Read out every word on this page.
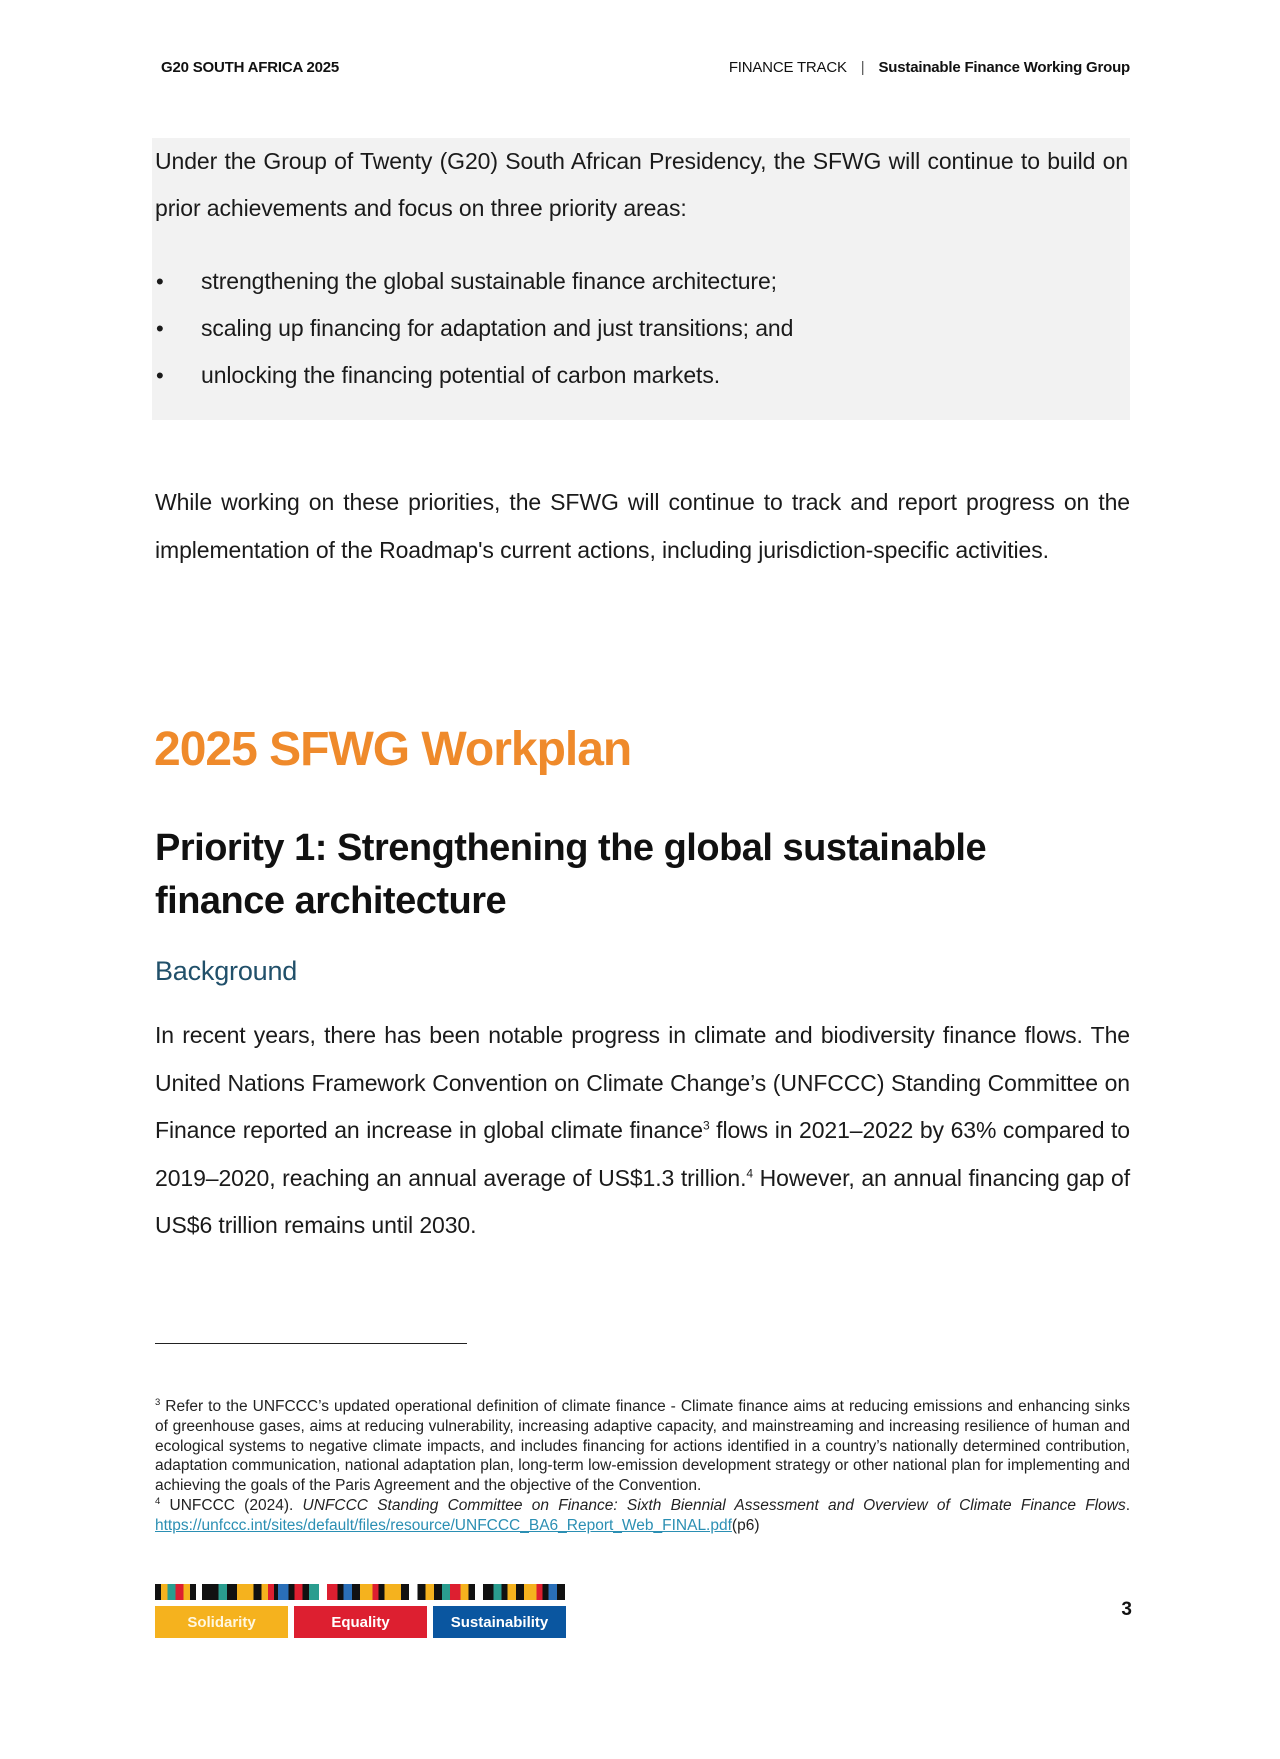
G20 SOUTH AFRICA 2025	FINANCE TRACK | Sustainable Finance Working Group
Under the Group of Twenty (G20) South African Presidency, the SFWG will continue to build on prior achievements and focus on three priority areas:
• strengthening the global sustainable finance architecture;
• scaling up financing for adaptation and just transitions; and
• unlocking the financing potential of carbon markets.
While working on these priorities, the SFWG will continue to track and report progress on the implementation of the Roadmap's current actions, including jurisdiction-specific activities.
2025 SFWG Workplan
Priority 1: Strengthening the global sustainable finance architecture
Background
In recent years, there has been notable progress in climate and biodiversity finance flows. The United Nations Framework Convention on Climate Change’s (UNFCCC) Standing Committee on Finance reported an increase in global climate finance$^3$ flows in 2021–2022 by 63% compared to 2019–2020, reaching an annual average of US$1.3 trillion.$^4$ However, an annual financing gap of US$6 trillion remains until 2030.

$^3$ Refer to the UNFCCC’s updated operational definition of climate finance - Climate finance aims at reducing emissions and enhancing sinks of greenhouse gases, aims at reducing vulnerability, increasing adaptive capacity, and mainstreaming and increasing resilience of human and ecological systems to negative climate impacts, and includes financing for actions identified in a country’s nationally determined contribution, adaptation communication, national adaptation plan, long-term low-emission development strategy or other national plan for implementing and achieving the goals of the Paris Agreement and the objective of the Convention.

$^4$ UNFCCC (2024). UNFCCC Standing Committee on Finance: Sixth Biennial Assessment and Overview of Climate Finance Flows. https://unfccc.int/sites/default/files/resource/UNFCCC_BA6_Report_Web_FINAL.pdf(p6)

Solidarity	Equality	Sustainability
3
